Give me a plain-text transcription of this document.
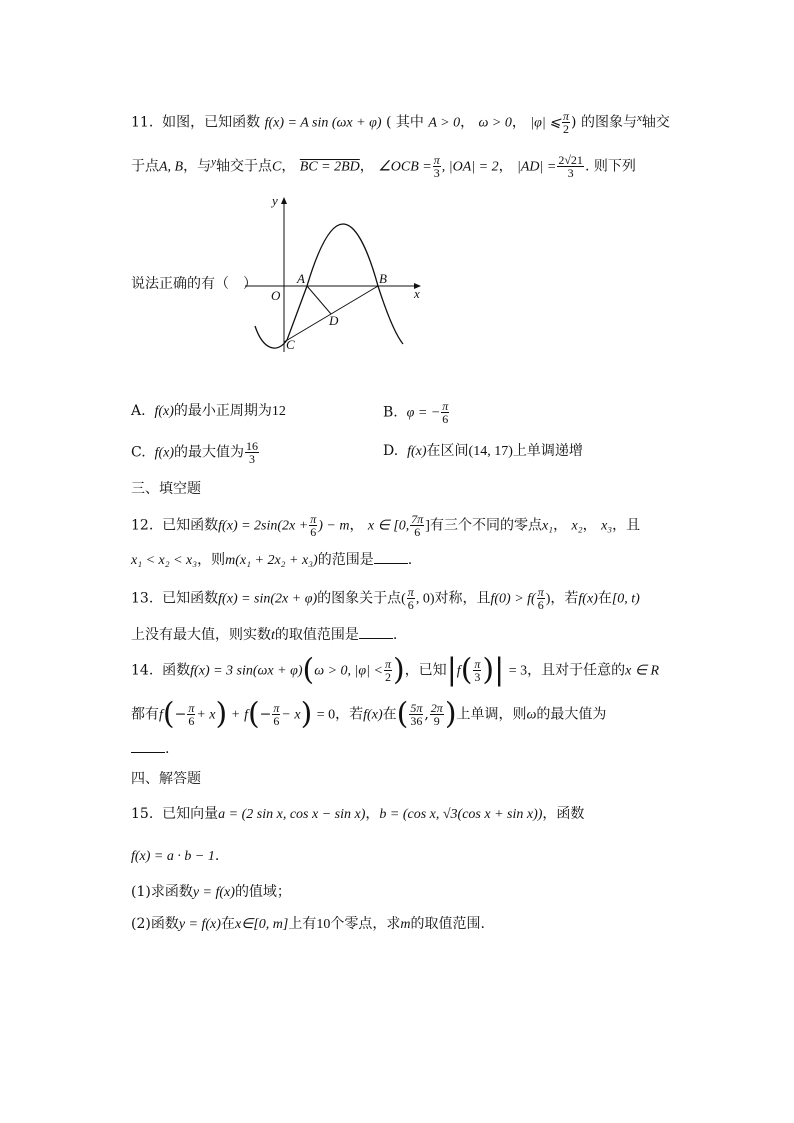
11. 如图，已知函数 f(x) = A sin (ωx + φ) ( 其中 A > 0， ω > 0， |φ| ⩽ $\frac{\pi}{2}$ ) 的图象与$^x$轴交
于点A, B，与$^y$轴交于点C， BC = 2BD， ∠OCB = $\frac{\pi}{3}$ , |OA| = 2， $|AD| = \frac{2√21}{3}$ . 则下列
说法正确的有（　）
y
x
O
A	B
C
D
A. f(x)的最小正周期为12	B. φ = − $\frac{\pi}{6}$
C. f(x)的最大值为 $\frac{16}{3}$	D. f(x)在区间(14, 17)上单调递增
三、填空题
12. 已知函数$f(x) = 2\sin(2x + \frac{\pi}{6}$ ) − m， x ∈ [0, $\frac{7\pi}{6}$ ]有三个不同的零点x₁， x₂， x₃，且
x₁ < x₂ < x₃，则m(x₁ + 2x₂ + x₃)的范围是 .
13. 已知函数f(x) = sin(2x + φ)的图象关于点( $\frac{\pi}{6}$ , 0)对称，且$f(0) > f( \frac{\pi}{6}$ )，若f(x)在[0, t)
上没有最大值，则实数t的取值范围是 .
14. 函数f(x) = 3 sin(ωx + φ)(ω > 0, $|\varphi| < \frac{\pi}{2}$ )，已知$|f( \frac{\pi}{3}$ )| = 3，且对于任意的x ∈ R
都有$f(- \frac{\pi}{6} + x) + f(- \frac{\pi}{6} - x) = 0$，若f(x)在( $\frac{5\pi}{36}$ , $\frac{2\pi}{9}$ )上单调，则ω的最大值为
.
四、解答题
15. 已知向量a = (2 sin x, cos x − sin x)，b = (cos x, √3(cos x + sin x))，函数
f(x) = a · b − 1.
(1)求函数y = f(x)的值域；
(2)函数y = f(x)在x∈[0, m]上有10个零点，求m的取值范围.
